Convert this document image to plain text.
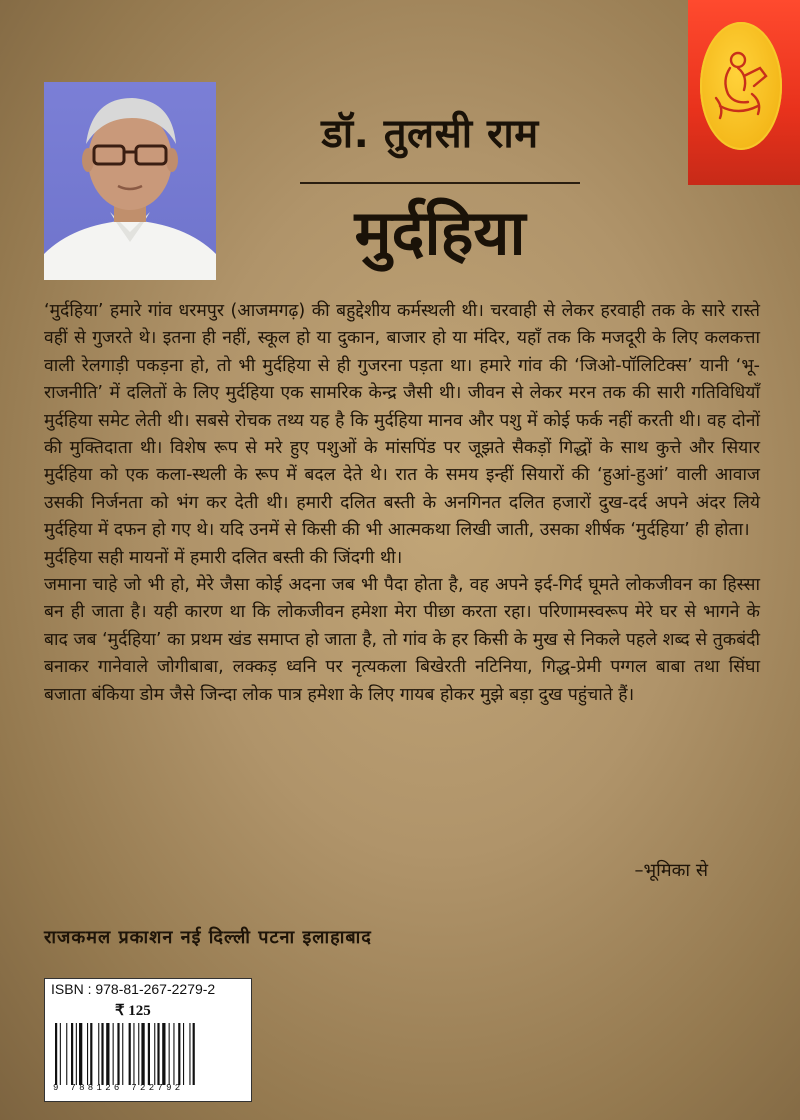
डॉ. तुलसी राम
मुर्दहिया

‘मुर्दहिया’ हमारे गांव धरमपुर (आजमगढ़) की बहुद्देशीय कर्मस्थली थी। चरवाही से लेकर हरवाही तक के सारे रास्ते वहीं से गुजरते थे। इतना ही नहीं, स्कूल हो या दुकान, बाजार हो या मंदिर, यहाँ तक कि मजदूरी के लिए कलकत्ता वाली रेलगाड़ी पकड़ना हो, तो भी मुर्दहिया से ही गुजरना पड़ता था। हमारे गांव की ‘जिओ-पॉलिटिक्स’ यानी ‘भू-राजनीति’ में दलितों के लिए मुर्दहिया एक सामरिक केन्द्र जैसी थी। जीवन से लेकर मरन तक की सारी गतिविधियाँ मुर्दहिया समेट लेती थी। सबसे रोचक तथ्य यह है कि मुर्दहिया मानव और पशु में कोई फर्क नहीं करती थी। वह दोनों की मुक्तिदाता थी। विशेष रूप से मरे हुए पशुओं के मांसपिंड पर जूझते सैकड़ों गिद्धों के साथ कुत्ते और सियार मुर्दहिया को एक कला-स्थली के रूप में बदल देते थे। रात के समय इन्हीं सियारों की ‘हुआं-हुआं’ वाली आवाज उसकी निर्जनता को भंग कर देती थी। हमारी दलित बस्ती के अनगिनत दलित हजारों दुख-दर्द अपने अंदर लिये मुर्दहिया में दफन हो गए थे। यदि उनमें से किसी की भी आत्मकथा लिखी जाती, उसका शीर्षक ‘मुर्दहिया’ ही होता।

मुर्दहिया सही मायनों में हमारी दलित बस्ती की जिंदगी थी।

जमाना चाहे जो भी हो, मेरे जैसा कोई अदना जब भी पैदा होता है, वह अपने इर्द-गिर्द घूमते लोकजीवन का हिस्सा बन ही जाता है। यही कारण था कि लोकजीवन हमेशा मेरा पीछा करता रहा। परिणामस्वरूप मेरे घर से भागने के बाद जब ‘मुर्दहिया’ का प्रथम खंड समाप्त हो जाता है, तो गांव के हर किसी के मुख से निकले पहले शब्द से तुकबंदी बनाकर गानेवाले जोगीबाबा, लक्कड़ ध्वनि पर नृत्यकला बिखेरती नटिनिया, गिद्ध-प्रेमी पग्गल बाबा तथा सिंघा बजाता बंकिया डोम जैसे जिन्दा लोक पात्र हमेशा के लिए गायब होकर मुझे बड़ा दुख पहुंचाते हैं।

–भूमिका से
राजकमल प्रकाशन नई दिल्ली पटना इलाहाबाद
ISBN : 978-81-267-2279-2
₹ 125
9 788126 722792
